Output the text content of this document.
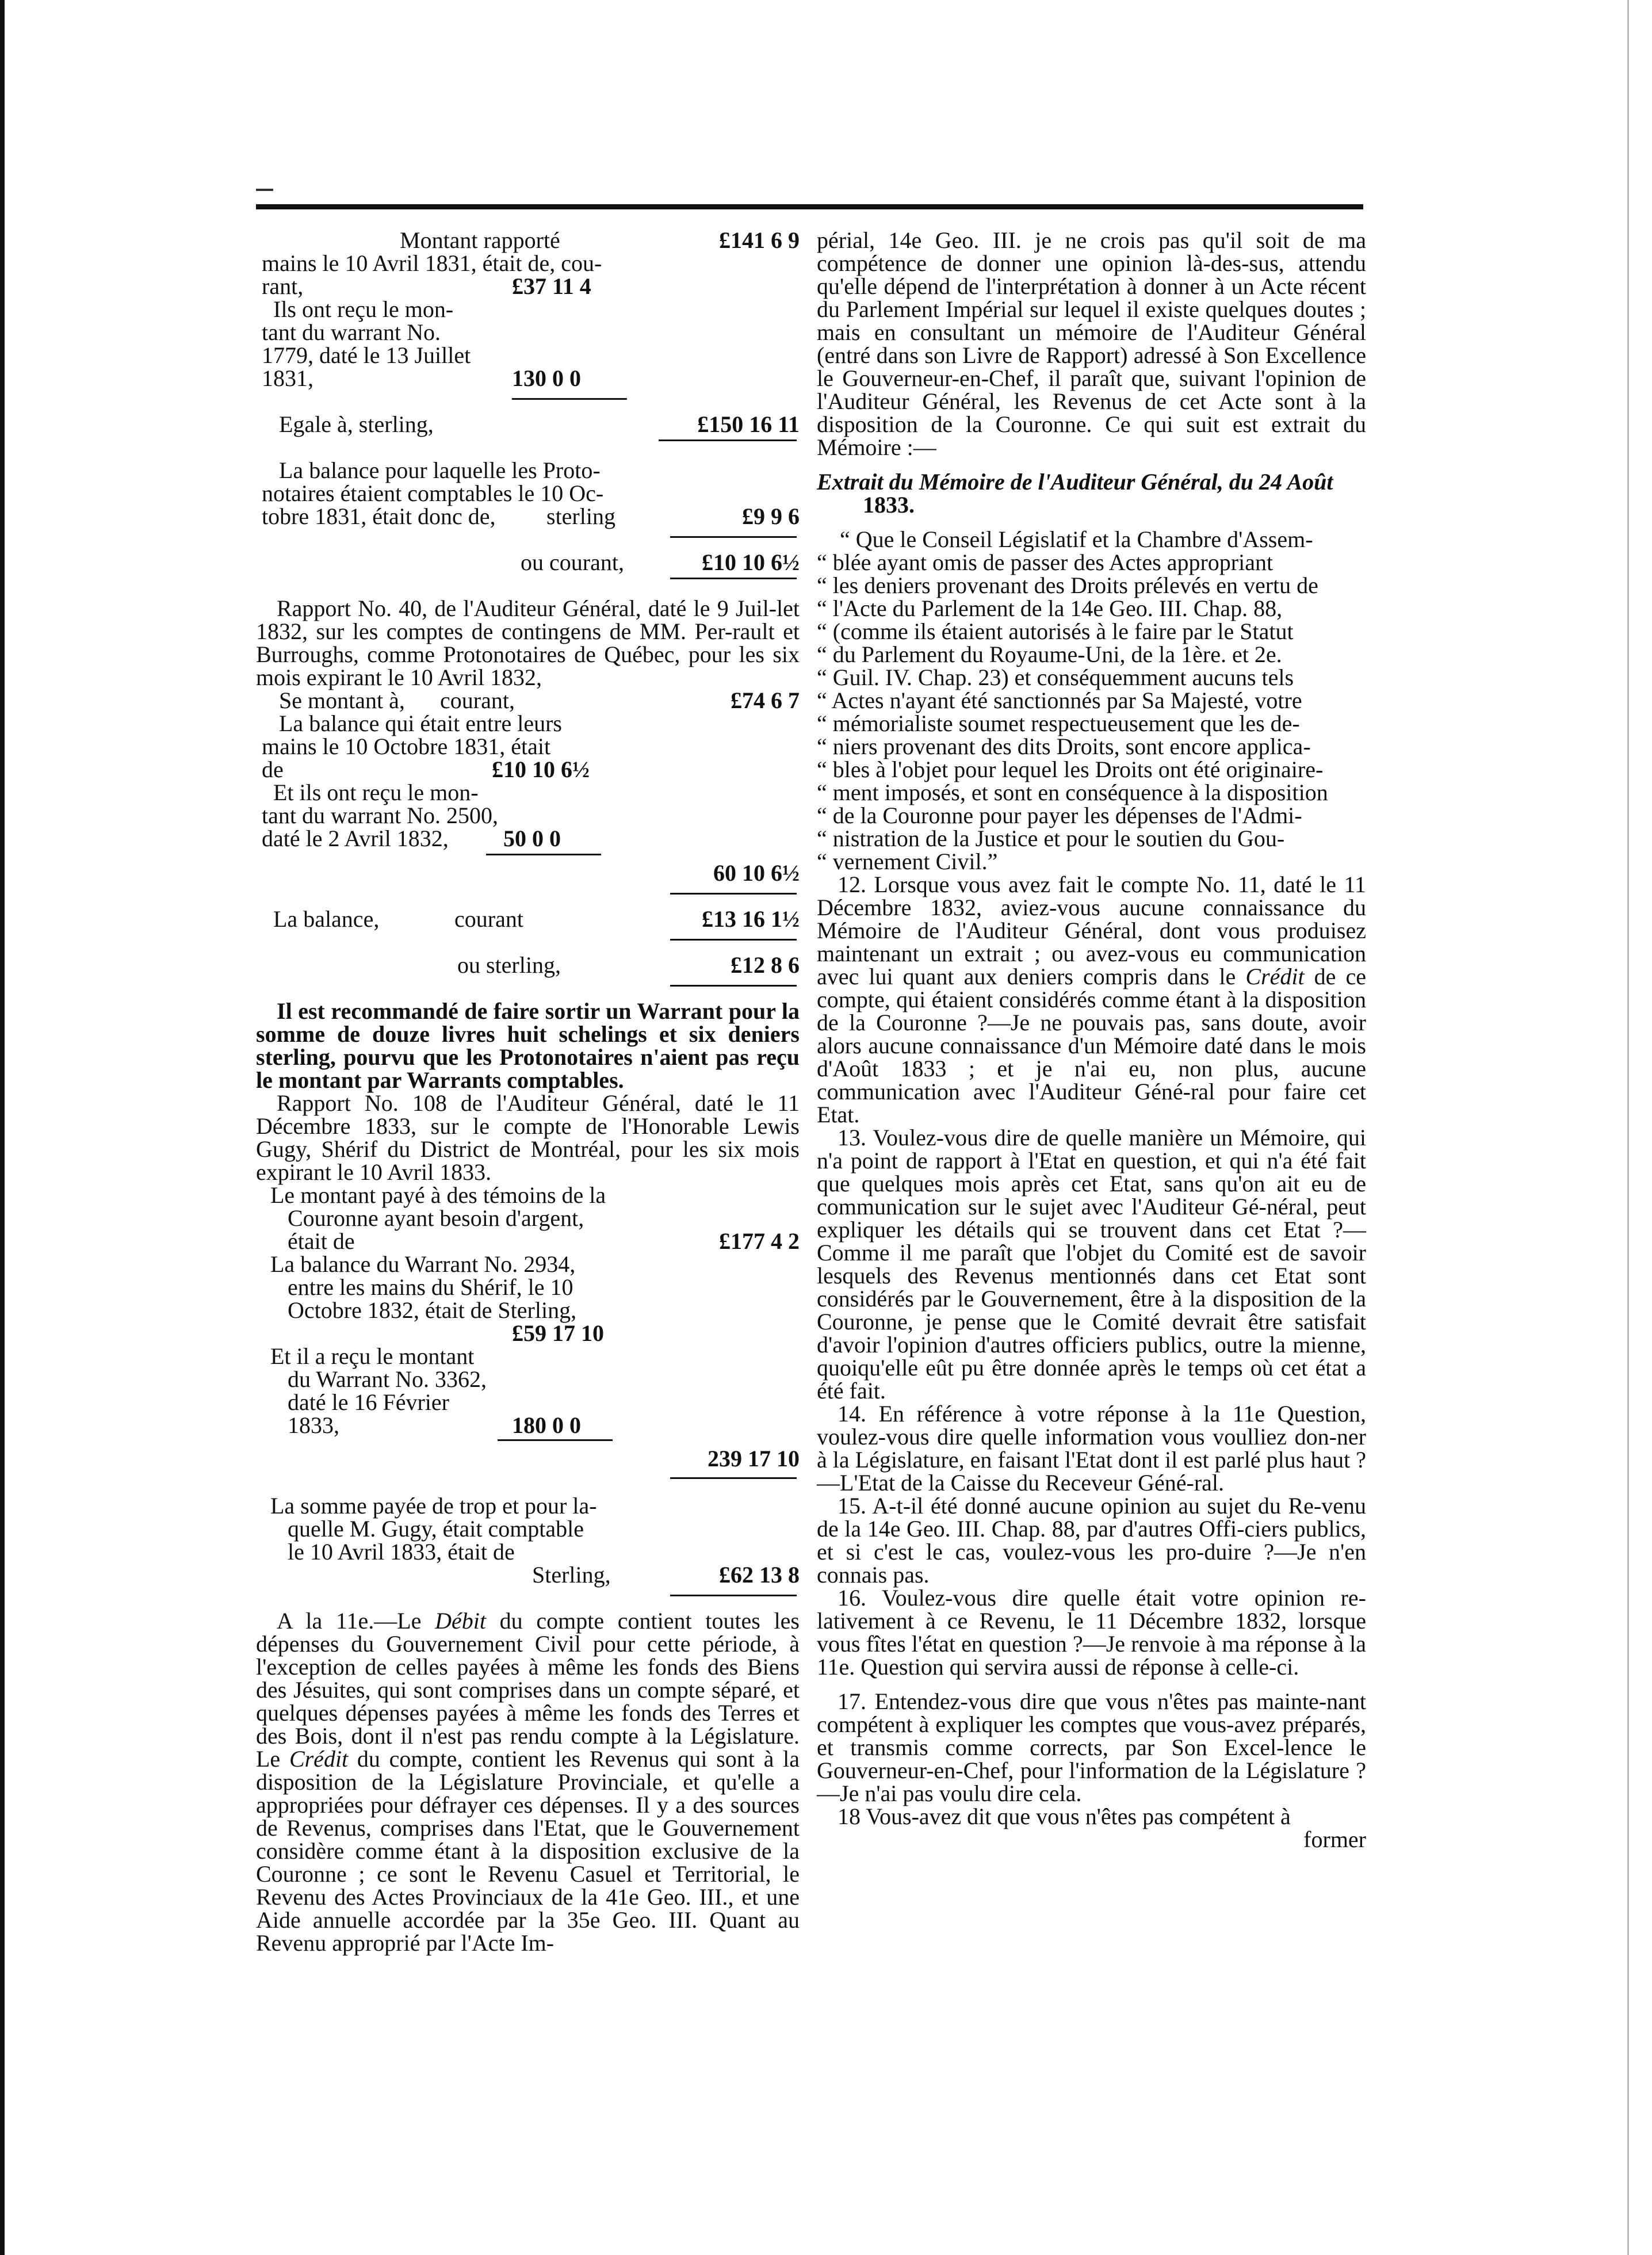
Montant rapporté	£141 6 9
mains le 10 Avril 1831, était de, cou-
rant,	£37 11 4
Ils ont reçu le mon-
tant du warrant No.
1779, daté le 13 Juillet
1831,	130 0 0
Egale à, sterling,	£150 16 11
La balance pour laquelle les Proto-
notaires étaient comptables le 10 Oc-
tobre 1831, était donc de, sterling	£9 9 6
ou courant,	£10 10 6½

Rapport No. 40, de l'Auditeur Général, daté le 9 Juil-let 1832, sur les comptes de contingens de MM. Per-rault et Burroughs, comme Protonotaires de Québec, pour les six mois expirant le 10 Avril 1832,

Se montant à, courant,	£74 6 7
La balance qui était entre leurs
mains le 10 Octobre 1831, était
de	£10 10 6½
Et ils ont reçu le mon-
tant du warrant No. 2500,
daté le 2 Avril 1832, 50 0 0
60 10 6½
La balance,	courant	£13 16 1½
ou sterling,	£12 8 6

Il est recommandé de faire sortir un Warrant pour la somme de douze livres huit schelings et six deniers sterling, pourvu que les Protonotaires n'aient pas reçu le montant par Warrants comptables.

Rapport No. 108 de l'Auditeur Général, daté le 11 Décembre 1833, sur le compte de l'Honorable Lewis Gugy, Shérif du District de Montréal, pour les six mois expirant le 10 Avril 1833.

Le montant payé à des témoins de la
Couronne ayant besoin d'argent,
était de	£177 4 2
La balance du Warrant No. 2934,
entre les mains du Shérif, le 10
Octobre 1832, était de Sterling,
£59 17 10
Et il a reçu le montant
du Warrant No. 3362,
daté le 16 Février
1833,	180 0 0
239 17 10
La somme payée de trop et pour la-
quelle M. Gugy, était comptable
le 10 Avril 1833, était de
Sterling,	£62 13 8

A la 11e.—Le Débit du compte contient toutes les dépenses du Gouvernement Civil pour cette période, à l'exception de celles payées à même les fonds des Biens des Jésuites, qui sont comprises dans un compte séparé, et quelques dépenses payées à même les fonds des Terres et des Bois, dont il n'est pas rendu compte à la Législature. Le Crédit du compte, contient les Revenus qui sont à la disposition de la Législature Provinciale, et qu'elle a appropriées pour défrayer ces dépenses. Il y a des sources de Revenus, comprises dans l'Etat, que le Gouvernement considère comme étant à la disposition exclusive de la Couronne ; ce sont le Revenu Casuel et Territorial, le Revenu des Actes Provinciaux de la 41e Geo. III., et une Aide annuelle accordée par la 35e Geo. III. Quant au Revenu approprié par l'Acte Im-

périal, 14e Geo. III. je ne crois pas qu'il soit de ma compétence de donner une opinion là-des-sus, attendu qu'elle dépend de l'interprétation à donner à un Acte récent du Parlement Impérial sur lequel il existe quelques doutes ; mais en consultant un mémoire de l'Auditeur Général (entré dans son Livre de Rapport) adressé à Son Excellence le Gouverneur-en-Chef, il paraît que, suivant l'opinion de l'Auditeur Général, les Revenus de cet Acte sont à la disposition de la Couronne. Ce qui suit est extrait du Mémoire :—

Extrait du Mémoire de l'Auditeur Général, du 24 Août

1833.

“ Que le Conseil Législatif et la Chambre d'Assem-

“ blée ayant omis de passer des Actes appropriant

“ les deniers provenant des Droits prélevés en vertu de

“ l'Acte du Parlement de la 14e Geo. III. Chap. 88,

“ (comme ils étaient autorisés à le faire par le Statut

“ du Parlement du Royaume-Uni, de la 1ère. et 2e.

“ Guil. IV. Chap. 23) et conséquemment aucuns tels

“ Actes n'ayant été sanctionnés par Sa Majesté, votre

“ mémorialiste soumet respectueusement que les de-

“ niers provenant des dits Droits, sont encore applica-

“ bles à l'objet pour lequel les Droits ont été originaire-

“ ment imposés, et sont en conséquence à la disposition

“ de la Couronne pour payer les dépenses de l'Admi-

“ nistration de la Justice et pour le soutien du Gou-

“ vernement Civil.”

12. Lorsque vous avez fait le compte No. 11, daté le 11 Décembre 1832, aviez-vous aucune connaissance du Mémoire de l'Auditeur Général, dont vous produisez maintenant un extrait ; ou avez-vous eu communication avec lui quant aux deniers compris dans le Crédit de ce compte, qui étaient considérés comme étant à la disposition de la Couronne ?—Je ne pouvais pas, sans doute, avoir alors aucune connaissance d'un Mémoire daté dans le mois d'Août 1833 ; et je n'ai eu, non plus, aucune communication avec l'Auditeur Géné-ral pour faire cet Etat.

13. Voulez-vous dire de quelle manière un Mémoire, qui n'a point de rapport à l'Etat en question, et qui n'a été fait que quelques mois après cet Etat, sans qu'on ait eu de communication sur le sujet avec l'Auditeur Gé-néral, peut expliquer les détails qui se trouvent dans cet Etat ?—Comme il me paraît que l'objet du Comité est de savoir lesquels des Revenus mentionnés dans cet Etat sont considérés par le Gouvernement, être à la disposition de la Couronne, je pense que le Comité devrait être satisfait d'avoir l'opinion d'autres officiers publics, outre la mienne, quoiqu'elle eût pu être donnée après le temps où cet état a été fait.

14. En référence à votre réponse à la 11e Question, voulez-vous dire quelle information vous voulliez don-ner à la Législature, en faisant l'Etat dont il est parlé plus haut ?—L'Etat de la Caisse du Receveur Géné-ral.

15. A-t-il été donné aucune opinion au sujet du Re-venu de la 14e Geo. III. Chap. 88, par d'autres Offi-ciers publics, et si c'est le cas, voulez-vous les pro-duire ?—Je n'en connais pas.

16. Voulez-vous dire quelle était votre opinion re-lativement à ce Revenu, le 11 Décembre 1832, lorsque vous fîtes l'état en question ?—Je renvoie à ma réponse à la 11e. Question qui servira aussi de réponse à celle-ci.

17. Entendez-vous dire que vous n'êtes pas mainte-nant compétent à expliquer les comptes que vous-avez préparés, et transmis comme corrects, par Son Excel-lence le Gouverneur-en-Chef, pour l'information de la Législature ?—Je n'ai pas voulu dire cela.

18 Vous-avez dit que vous n'êtes pas compétent à

former
